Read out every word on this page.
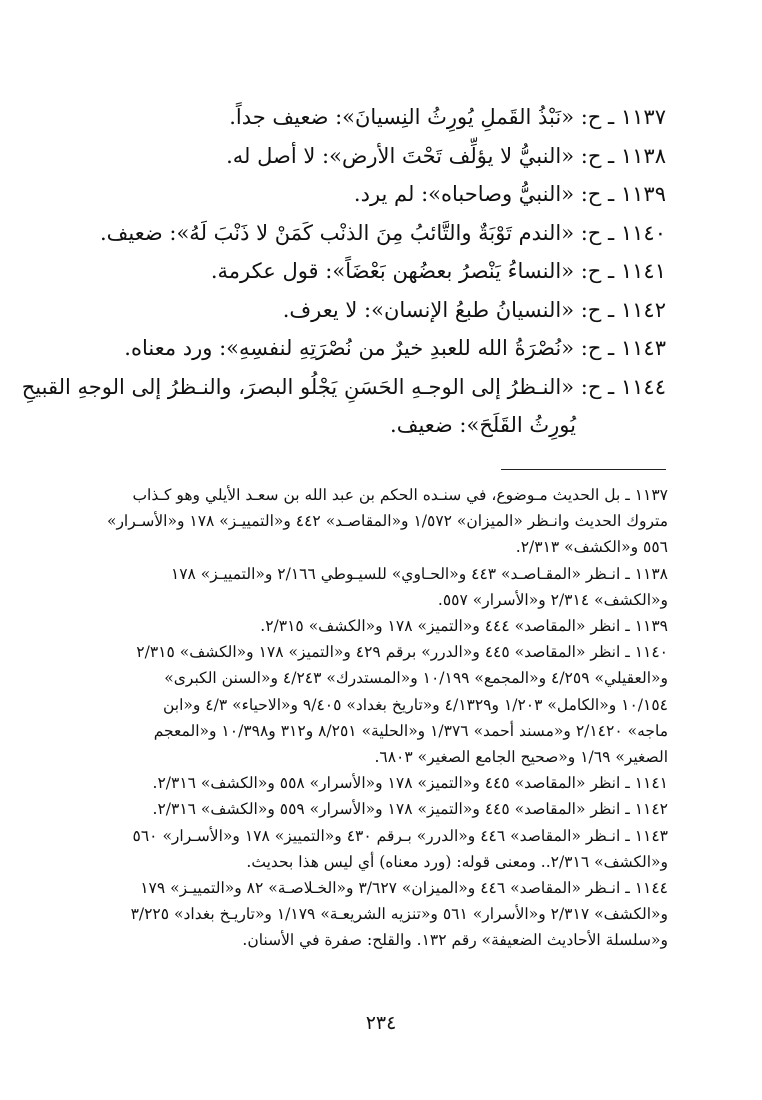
١١٣٧ ـ ح: «نَبْذُ القَملِ يُورِثُ النِسيانَ»: ضعيف جداً.
١١٣٨ ـ ح: «النبيُّ لا يؤلِّف تَحْتَ الأرض»: لا أصل له.
١١٣٩ ـ ح: «النبيُّ وصاحباه»: لم يرد.
١١٤٠ ـ ح: «الندم تَوْبَةٌ والتَّائبُ مِنَ الذنْب كَمَنْ لا ذَنْبَ لَهُ»: ضعيف.
١١٤١ ـ ح: «النساءُ يَنْصرُ بعضُهن بَعْضَاً»: قول عكرمة.
١١٤٢ ـ ح: «النسيانُ طبعُ الإنسان»: لا يعرف.
١١٤٣ ـ ح: «نُصْرَةُ الله للعبدِ خيرٌ من نُصْرَتِهِ لنفسِهِ»: ورد معناه.
١١٤٤ ـ ح: «النـظرُ إلى الوجـهِ الحَسَنِ يَجْلُو البصرَ، والنـظرُ إلى الوجهِ القبيحِ
يُورِثُ القَلَحَ»: ضعيف.
١١٣٧ ـ بل الحديث مـوضوع، في سنـده الحكم بن عبد الله بن سعـد الأيلي وهو كـذاب
متروك الحديث وانـظر «الميزان» ١/٥٧٢ و«المقاصـد» ٤٤٢ و«التمييـز» ١٧٨ و«الأسـرار»
٥٥٦ و«الكشف» ٢/٣١٣.
١١٣٨ ـ انـظر «المقـاصـد» ٤٤٣ و«الحـاوي» للسيـوطي ٢/١٦٦ و«التمييـز» ١٧٨
و«الكشف» ٢/٣١٤ و«الأسرار» ٥٥٧.
١١٣٩ ـ انظر «المقاصد» ٤٤٤ و«التميز» ١٧٨ و«الكشف» ٢/٣١٥.
١١٤٠ ـ انظر «المقاصد» ٤٤٥ و«الدرر» برقم ٤٢٩ و«التميز» ١٧٨ و«الكشف» ٢/٣١٥
و«العقيلي» ٤/٢٥٩ و«المجمع» ١٠/١٩٩ و«المستدرك» ٤/٢٤٣ و«السنن الكبرى»
١٠/١٥٤ و«الكامل» ١/٢٠٣ و٤/١٣٢٩ و«تاريخ بغداد» ٩/٤٠٥ و«الاحياء» ٤/٣ و«ابن
ماجه» ٢/١٤٢٠ و«مسند أحمد» ١/٣٧٦ و«الحلية» ٨/٢٥١ و٣١٢ و١٠/٣٩٨ و«المعجم
الصغير» ١/٦٩ و«صحيح الجامع الصغير» ٦٨٠٣.
١١٤١ ـ انظر «المقاصد» ٤٤٥ و«التميز» ١٧٨ و«الأسرار» ٥٥٨ و«الكشف» ٢/٣١٦.
١١٤٢ ـ انظر «المقاصد» ٤٤٥ و«التميز» ١٧٨ و«الأسرار» ٥٥٩ و«الكشف» ٢/٣١٦.
١١٤٣ ـ انـظر «المقاصد» ٤٤٦ و«الدرر» بـرقم ٤٣٠ و«التمييز» ١٧٨ و«الأسـرار» ٥٦٠
و«الكشف» ٢/٣١٦.. ومعنى قوله: (ورد معناه) أي ليس هذا بحديث.
١١٤٤ ـ انـظر «المقاصد» ٤٤٦ و«الميزان» ٣/٦٢٧ و«الخـلاصـة» ٨٢ و«التمييـز» ١٧٩
و«الكشف» ٢/٣١٧ و«الأسرار» ٥٦١ و«تنزيه الشريعـة» ١/١٧٩ و«تاريـخ بغداد» ٣/٢٢٥
و«سلسلة الأحاديث الضعيفة» رقم ١٣٢. والقلح: صفرة في الأسنان.
٢٣٤
